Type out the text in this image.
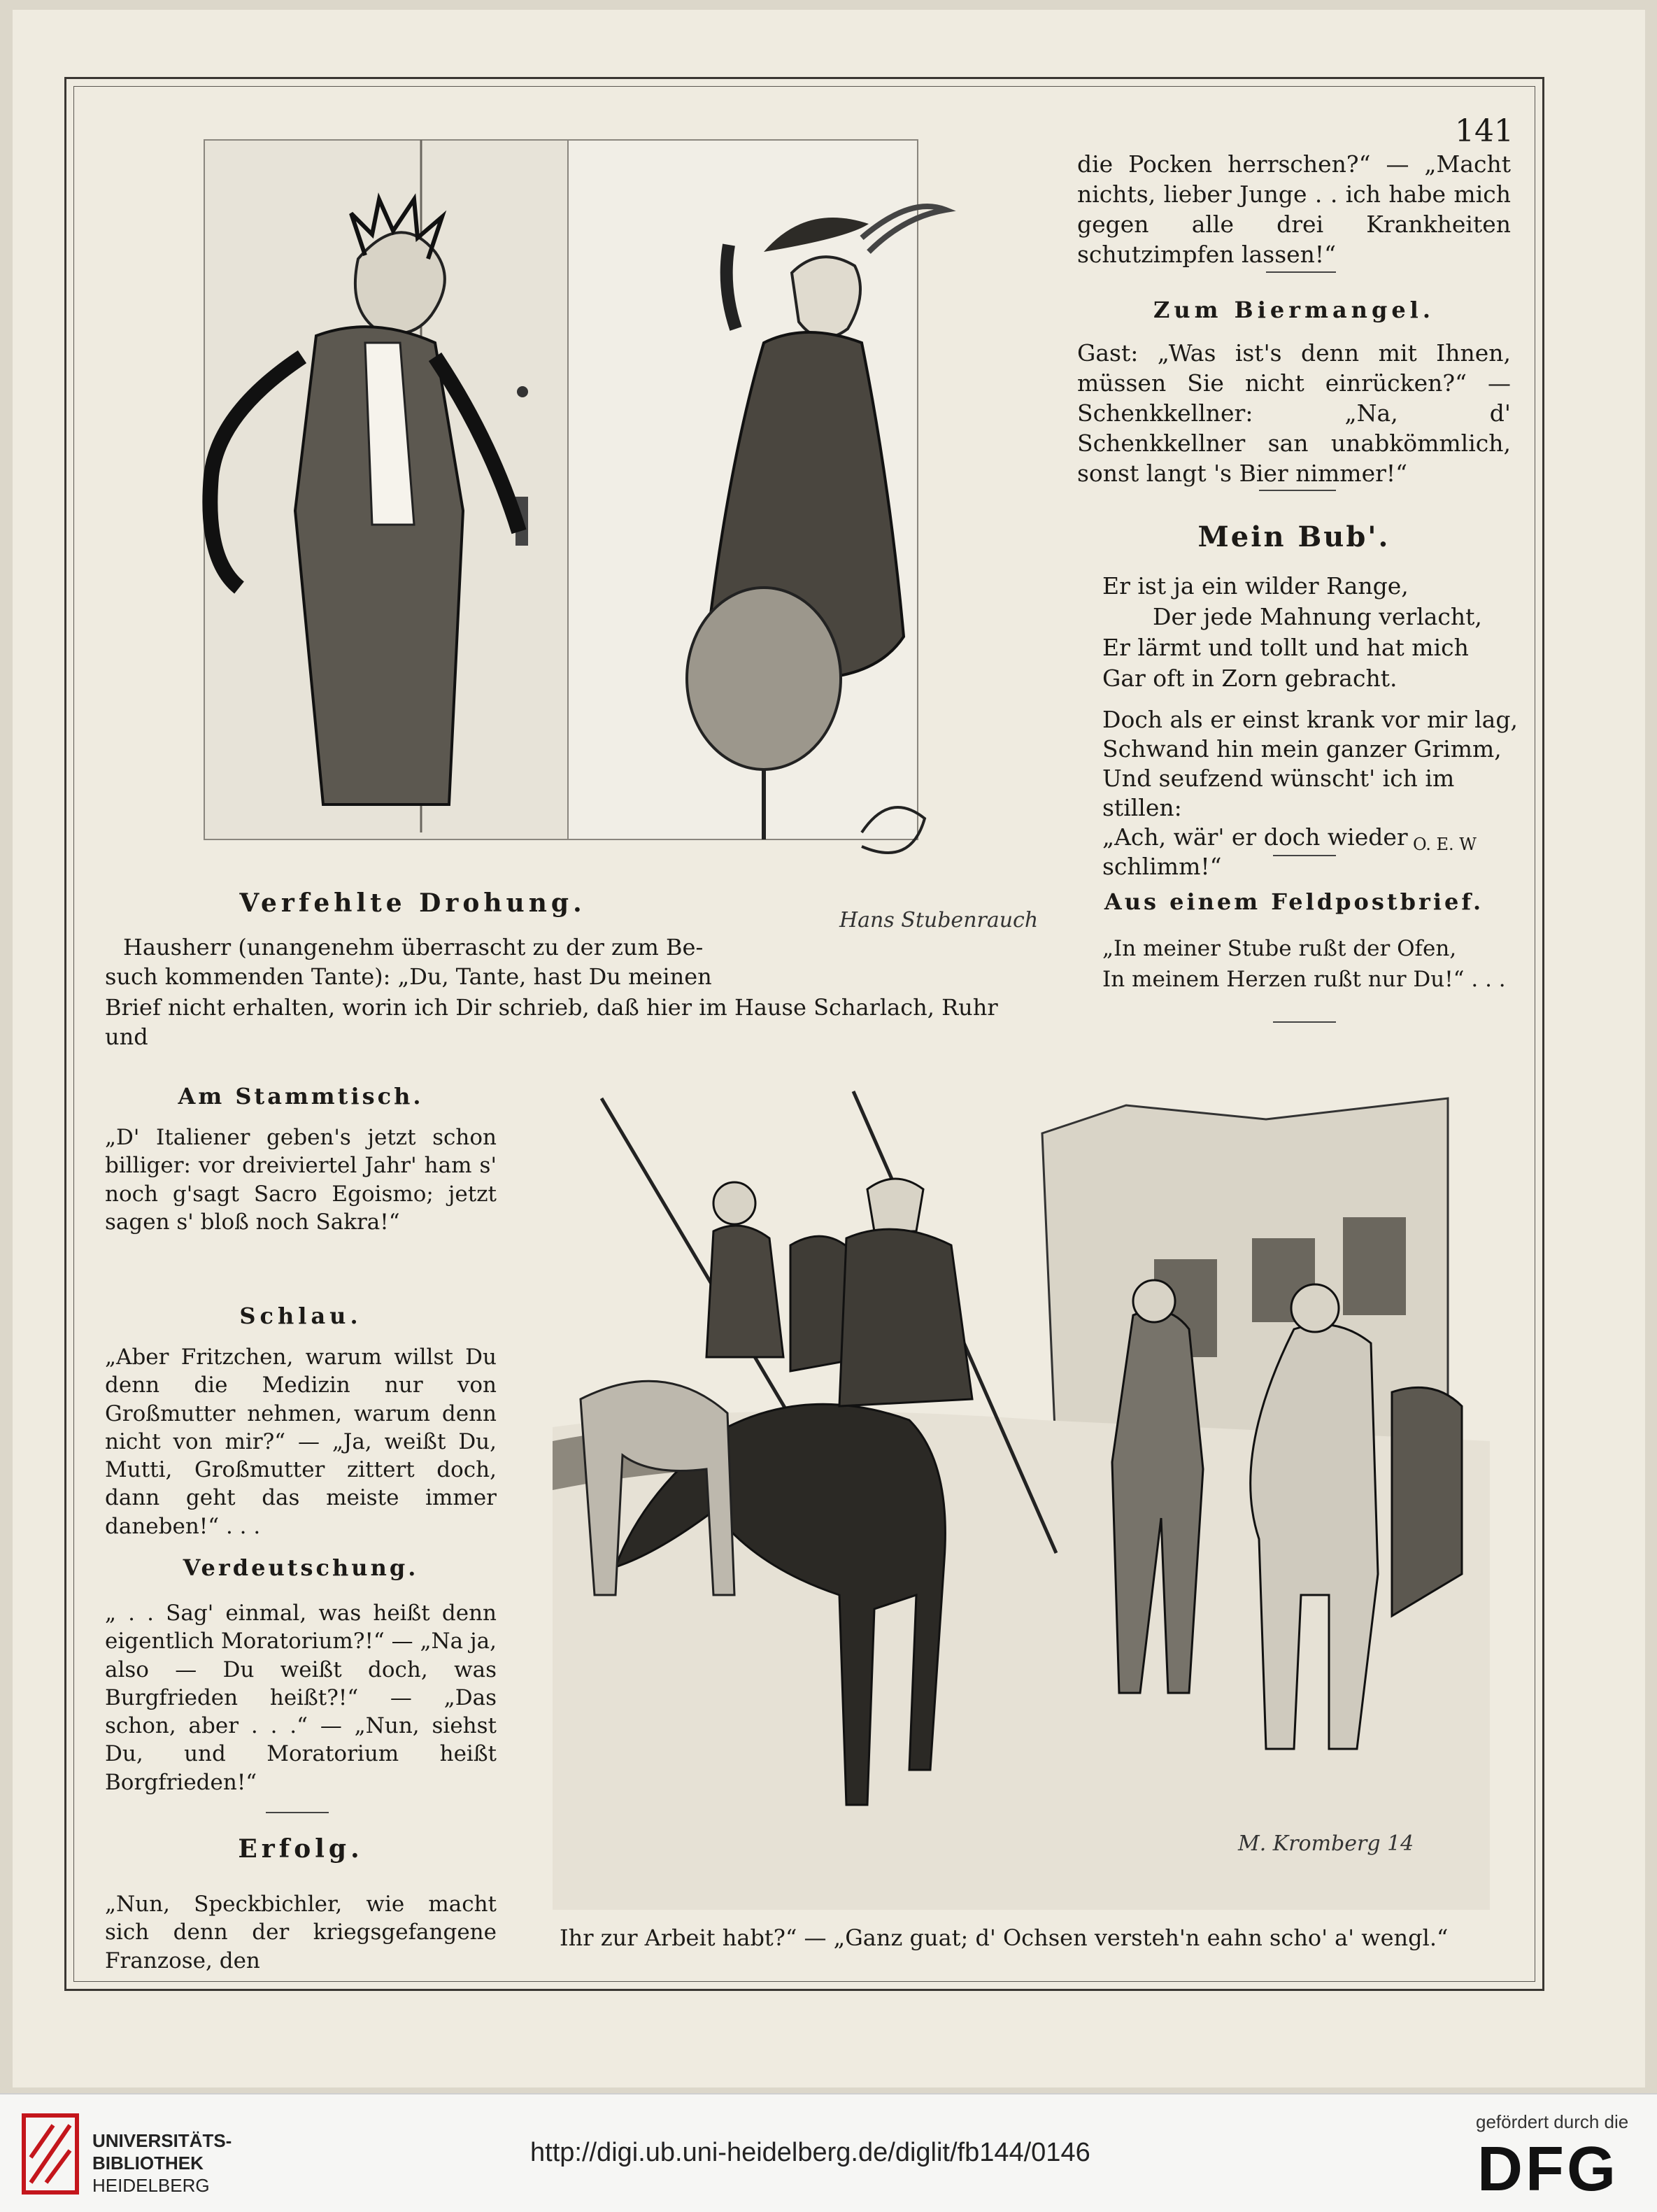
141
Hans Stubenrauch

die Pocken herrschen?“ — „Macht nichts, lieber Junge . . ich habe mich gegen alle drei Krankheiten schutzimpfen lassen!“

Zum Biermangel.

Gast: „Was ist's denn mit Ihnen, müssen Sie nicht einrücken?“ — Schenkkellner: „Na, d' Schenkkellner san unabkömmlich, sonst langt 's Bier nimmer!“

Mein Bub'.
Er ist ja ein wilder Range,
Der jede Mahnung verlacht,
Er lärmt und tollt und hat mich
Gar oft in Zorn gebracht.
Doch als er einst krank vor mir lag,
Schwand hin mein ganzer Grimm,
Und seufzend wünscht' ich im stillen:
„Ach, wär' er doch wieder schlimm!“
O. E. W
Aus einem Feldpostbrief.
„In meiner Stube rußt der Ofen,
In meinem Herzen rußt nur Du!“ . . .
Verfehlte Drohung.
Hausherr (unangenehm überrascht zu der zum Be-
such kommenden Tante): „Du, Tante, hast Du meinen
Brief nicht erhalten, worin ich Dir schrieb, daß hier im Hause Scharlach, Ruhr und
Am Stammtisch.

„D' Italiener geben's jetzt schon billiger: vor dreiviertel Jahr' ham s' noch g'sagt Sacro Egoismo; jetzt sagen s' bloß noch Sakra!“

Schlau.

„Aber Fritzchen, warum willst Du denn die Medizin nur von Großmutter nehmen, warum denn nicht von mir?“ — „Ja, weißt Du, Mutti, Großmutter zittert doch, dann geht das meiste immer daneben!“ . . .

Verdeutschung.

„ . . Sag' einmal, was heißt denn eigentlich Moratorium?!“ — „Na ja, also — Du weißt doch, was Burgfrieden heißt?!“ — „Das schon, aber . . .“ — „Nun, siehst Du, und Moratorium heißt Borgfrieden!“

Erfolg.

„Nun, Speckbichler, wie macht sich denn der kriegsgefangene Franzose, den

M. Kromberg 14
Ihr zur Arbeit habt?“ — „Ganz guat; d' Ochsen versteh'n eahn scho' a' wengl.“
UNIVERSITÄTS-
BIBLIOTHEK
HEIDELBERG
http://digi.ub.uni-heidelberg.de/diglit/fb144/0146
gefördert durch die
DFG
